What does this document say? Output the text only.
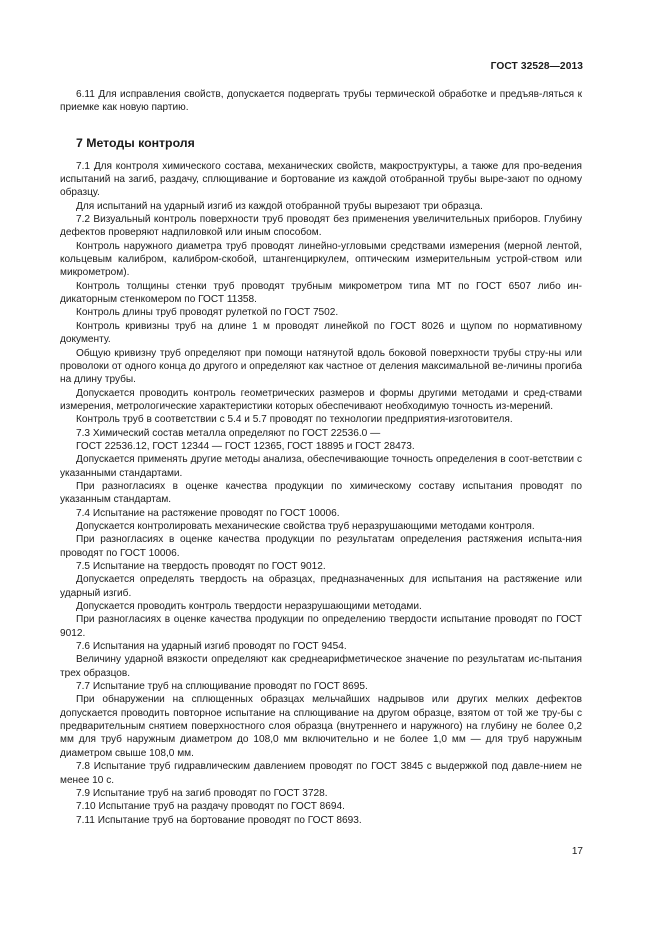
ГОСТ 32528—2013

6.11 Для исправления свойств, допускается подвергать трубы термической обработке и предъяв-ляться к приемке как новую партию.

7 Методы контроля

7.1 Для контроля химического состава, механических свойств, макроструктуры, а также для про-ведения испытаний на загиб, раздачу, сплющивание и бортование из каждой отобранной трубы выре-зают по одному образцу.

Для испытаний на ударный изгиб из каждой отобранной трубы вырезают три образца.

7.2 Визуальный контроль поверхности труб проводят без применения увеличительных приборов. Глубину дефектов проверяют надпиловкой или иным способом.

Контроль наружного диаметра труб проводят линейно-угловыми средствами измерения (мерной лентой, кольцевым калибром, калибром-скобой, штангенциркулем, оптическим измерительным устрой-ством или микрометром).

Контроль толщины стенки труб проводят трубным микрометром типа МТ по ГОСТ 6507 либо ин-дикаторным стенкомером по ГОСТ 11358.

Контроль длины труб проводят рулеткой по ГОСТ 7502.

Контроль кривизны труб на длине 1 м проводят линейкой по ГОСТ 8026 и щупом по нормативному документу.

Общую кривизну труб определяют при помощи натянутой вдоль боковой поверхности трубы стру-ны или проволоки от одного конца до другого и определяют как частное от деления максимальной ве-личины прогиба на длину трубы.

Допускается проводить контроль геометрических размеров и формы другими методами и сред-ствами измерения, метрологические характеристики которых обеспечивают необходимую точность из-мерений.

Контроль труб в соответствии с 5.4 и 5.7 проводят по технологии предприятия-изготовителя.

7.3 Химический состав металла определяют по ГОСТ 22536.0 —

ГОСТ 22536.12, ГОСТ 12344 — ГОСТ 12365, ГОСТ 18895 и ГОСТ 28473.

Допускается применять другие методы анализа, обеспечивающие точность определения в соот-ветствии с указанными стандартами.

При разногласиях в оценке качества продукции по химическому составу испытания проводят по указанным стандартам.

7.4 Испытание на растяжение проводят по ГОСТ 10006.

Допускается контролировать механические свойства труб неразрушающими методами контроля.

При разногласиях в оценке качества продукции по результатам определения растяжения испыта-ния проводят по ГОСТ 10006.

7.5 Испытание на твердость проводят по ГОСТ 9012.

Допускается определять твердость на образцах, предназначенных для испытания на растяжение или ударный изгиб.

Допускается проводить контроль твердости неразрушающими методами.

При разногласиях в оценке качества продукции по определению твердости испытание проводят по ГОСТ 9012.

7.6 Испытания на ударный изгиб проводят по ГОСТ 9454.

Величину ударной вязкости определяют как среднеарифметическое значение по результатам ис-пытания трех образцов.

7.7 Испытание труб на сплющивание проводят по ГОСТ 8695.

При обнаружении на сплющенных образцах мельчайших надрывов или других мелких дефектов допускается проводить повторное испытание на сплющивание на другом образце, взятом от той же тру-бы с предварительным снятием поверхностного слоя образца (внутреннего и наружного) на глубину не более 0,2 мм для труб наружным диаметром до 108,0 мм включительно и не более 1,0 мм — для труб наружным диаметром свыше 108,0 мм.

7.8 Испытание труб гидравлическим давлением проводят по ГОСТ 3845 с выдержкой под давле-нием не менее 10 с.

7.9 Испытание труб на загиб проводят по ГОСТ 3728.

7.10 Испытание труб на раздачу проводят по ГОСТ 8694.

7.11 Испытание труб на бортование проводят по ГОСТ 8693.

17
